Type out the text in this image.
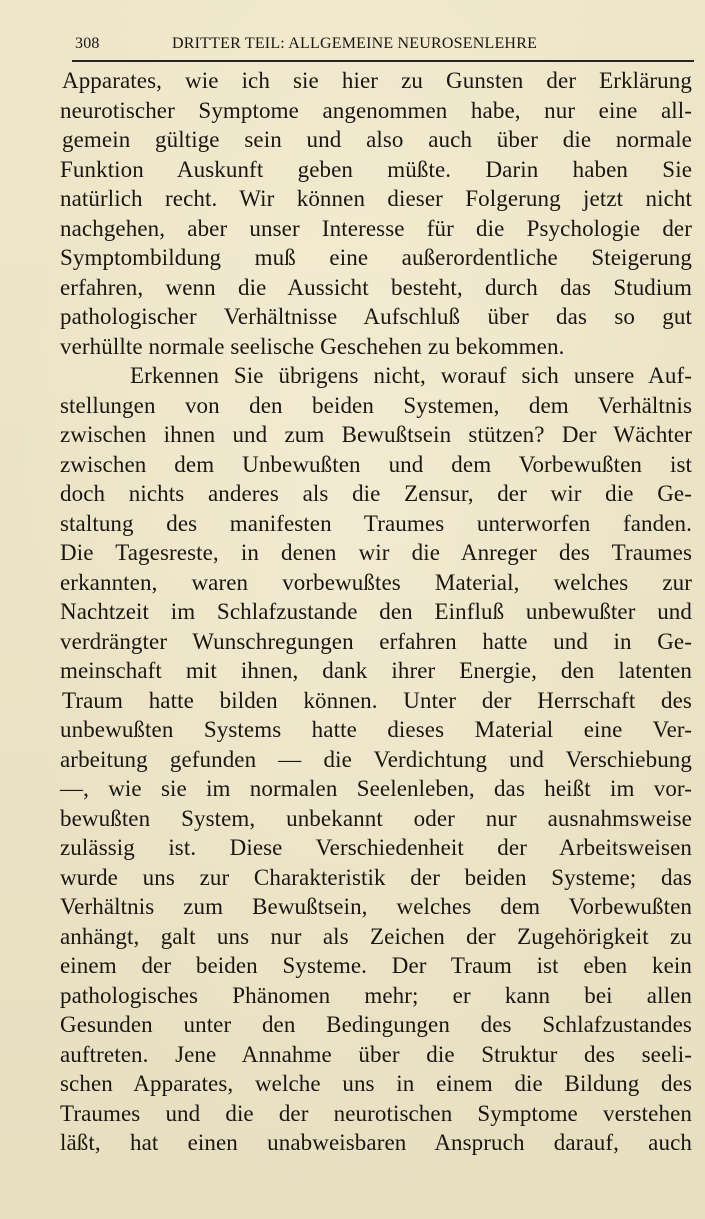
308	DRITTER TEIL: ALLGEMEINE NEUROSENLEHRE
Apparates, wie ich sie hier zu Gunsten der Erklärung
neurotischer Symptome angenommen habe, nur eine all-
gemein gültige sein und also auch über die normale
Funktion Auskunft geben müßte. Darin haben Sie
natürlich recht. Wir können dieser Folgerung jetzt nicht
nachgehen, aber unser Interesse für die Psychologie der
Symptombildung muß eine außerordentliche Steigerung
erfahren, wenn die Aussicht besteht, durch das Studium
pathologischer Verhältnisse Aufschluß über das so gut
verhüllte normale seelische Geschehen zu bekommen.
Erkennen Sie übrigens nicht, worauf sich unsere Auf-
stellungen von den beiden Systemen, dem Verhältnis
zwischen ihnen und zum Bewußtsein stützen? Der Wächter
zwischen dem Unbewußten und dem Vorbewußten ist
doch nichts anderes als die Zensur, der wir die Ge-
staltung des manifesten Traumes unterworfen fanden.
Die Tagesreste, in denen wir die Anreger des Traumes
erkannten, waren vorbewußtes Material, welches zur
Nachtzeit im Schlafzustande den Einfluß unbewußter und
verdrängter Wunschregungen erfahren hatte und in Ge-
meinschaft mit ihnen, dank ihrer Energie, den latenten
Traum hatte bilden können. Unter der Herrschaft des
unbewußten Systems hatte dieses Material eine Ver-
arbeitung gefunden — die Verdichtung und Verschiebung
—, wie sie im normalen Seelenleben, das heißt im vor-
bewußten System, unbekannt oder nur ausnahmsweise
zulässig ist. Diese Verschiedenheit der Arbeitsweisen
wurde uns zur Charakteristik der beiden Systeme; das
Verhältnis zum Bewußtsein, welches dem Vorbewußten
anhängt, galt uns nur als Zeichen der Zugehörigkeit zu
einem der beiden Systeme. Der Traum ist eben kein
pathologisches Phänomen mehr; er kann bei allen
Gesunden unter den Bedingungen des Schlafzustandes
auftreten. Jene Annahme über die Struktur des seeli-
schen Apparates, welche uns in einem die Bildung des
Traumes und die der neurotischen Symptome verstehen
läßt, hat einen unabweisbaren Anspruch darauf, auch
